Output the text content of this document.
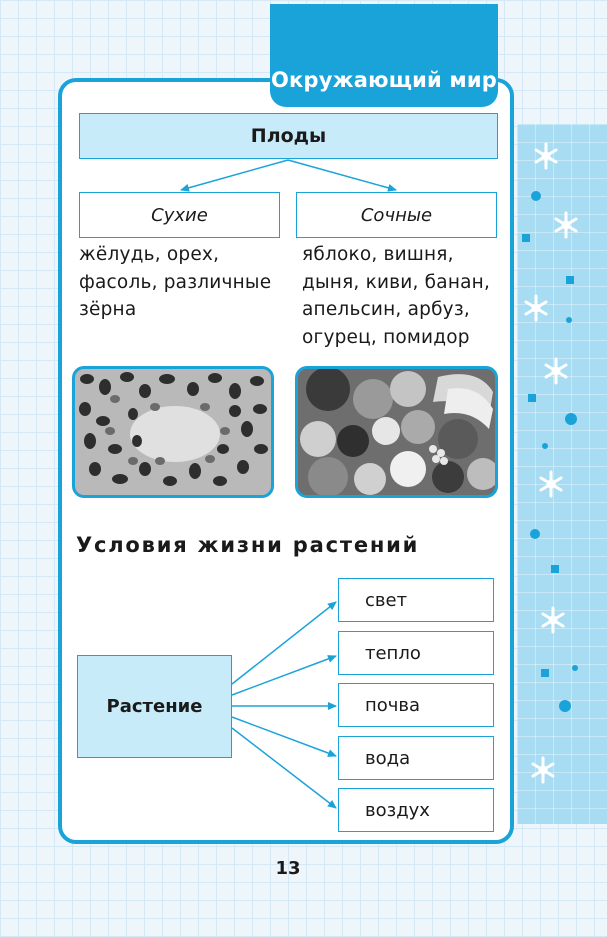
Окружающий мир
Плоды
Сухие	Сочные
жёлудь, орех,
фасоль, различные
зёрна
яблоко, вишня,
дыня, киви, банан,
апельсин, арбуз,
огурец, помидор
Условия жизни растений
Растение
свет
тепло
почва
вода
воздух
13
